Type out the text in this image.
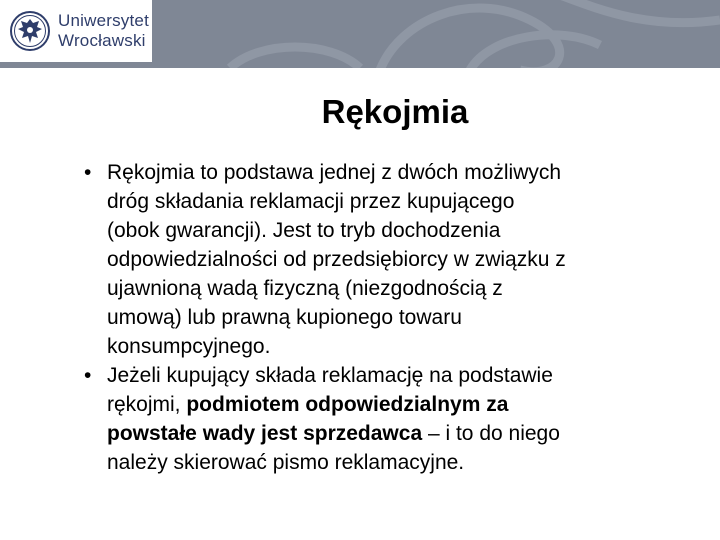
Uniwersytet
Wrocławski
Rękojmia
• Rękojmia to podstawa jednej z dwóch możliwych
dróg składania reklamacji przez kupującego
(obok gwarancji). Jest to tryb dochodzenia
odpowiedzialności od przedsiębiorcy w związku z
ujawnioną wadą fizyczną (niezgodnością z
umową) lub prawną kupionego towaru
konsumpcyjnego.
• Jeżeli kupujący składa reklamację na podstawie
rękojmi, podmiotem odpowiedzialnym za
powstałe wady jest sprzedawca – i to do niego
należy skierować pismo reklamacyjne.
